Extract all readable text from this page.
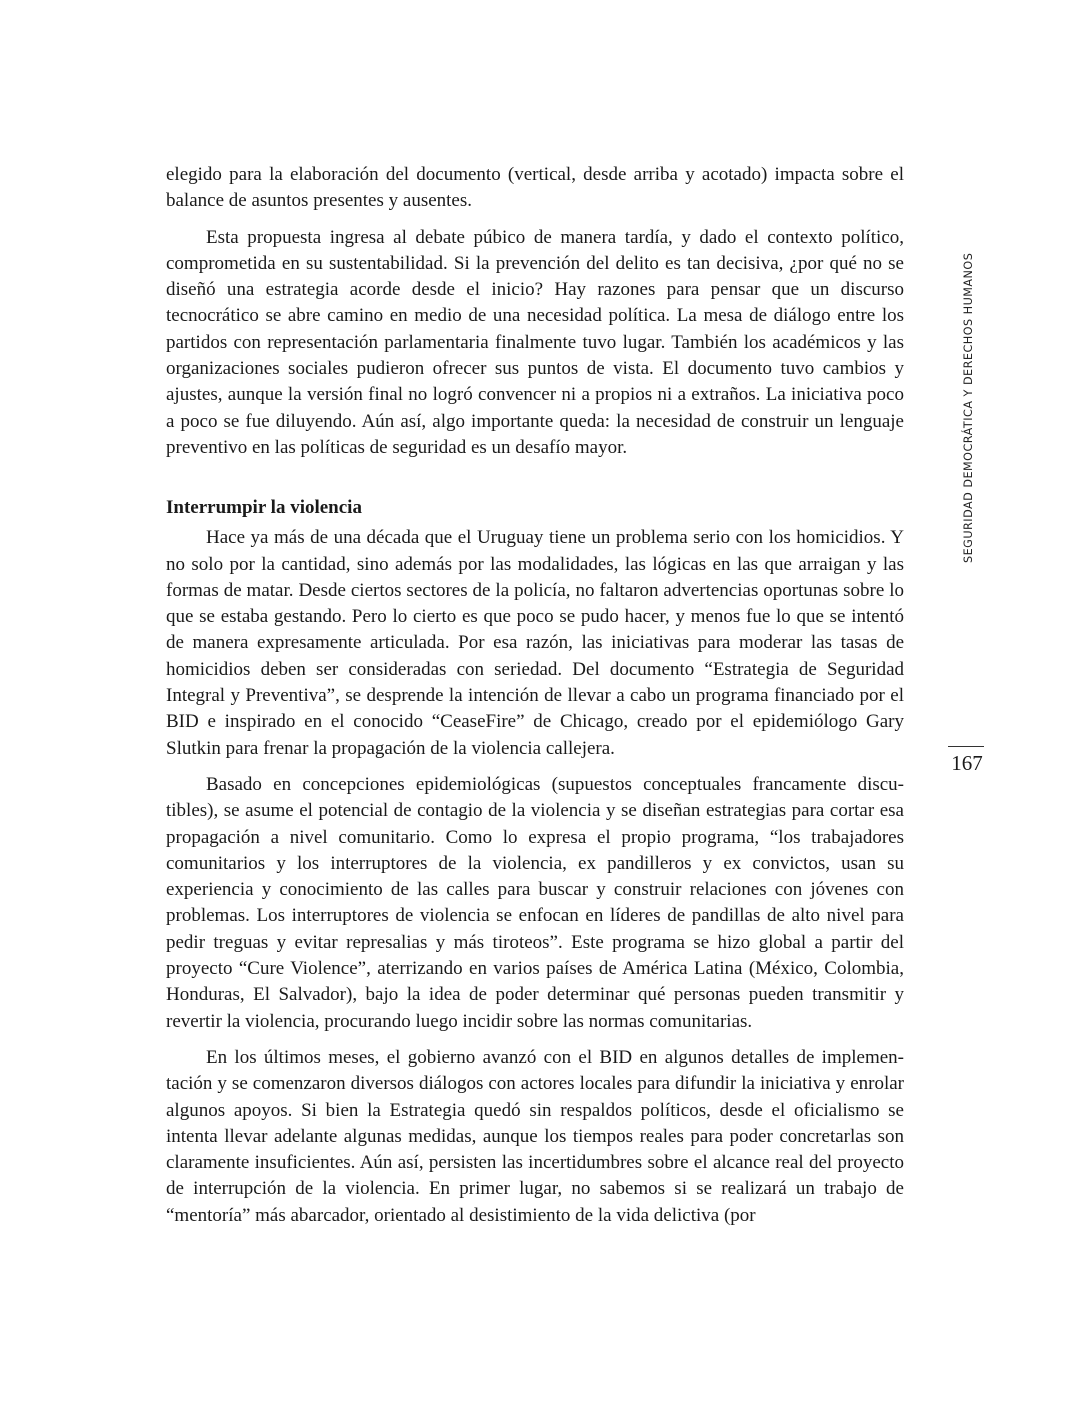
elegido para la elaboración del documento (vertical, desde arriba y acotado) impacta sobre el balance de asuntos presentes y ausentes.

Esta propuesta ingresa al debate púbico de manera tardía, y dado el contexto político, comprometida en su sustentabilidad. Si la prevención del delito es tan decisiva, ¿por qué no se diseñó una estrategia acorde desde el inicio? Hay razones para pensar que un discurso tecnocrático se abre camino en medio de una necesidad política. La mesa de diálogo entre los partidos con representación parlamentaria finalmente tuvo lugar. También los académicos y las organizaciones sociales pudieron ofrecer sus puntos de vista. El documento tuvo cambios y ajustes, aunque la versión final no logró convencer ni a propios ni a extraños. La iniciativa poco a poco se fue diluyendo. Aún así, algo importante queda: la necesidad de construir un lenguaje preventivo en las políticas de seguridad es un desafío mayor.

Interrumpir la violencia

Hace ya más de una década que el Uruguay tiene un problema serio con los homicidios. Y no solo por la cantidad, sino además por las modalidades, las lógicas en las que arraigan y las formas de matar. Desde ciertos sectores de la policía, no faltaron advertencias oportunas sobre lo que se estaba gestando. Pero lo cierto es que poco se pudo hacer, y menos fue lo que se intentó de manera expresamente articulada. Por esa razón, las iniciativas para moderar las tasas de homicidios deben ser consideradas con seriedad. Del documento “Estrategia de Seguridad Integral y Preventiva”, se desprende la intención de llevar a cabo un programa financiado por el BID e inspirado en el conocido “CeaseFire” de Chicago, creado por el epidemiólogo Gary Slutkin para frenar la propagación de la violencia callejera.

Basado en concepciones epidemiológicas (supuestos conceptuales francamente discutibles), se asume el potencial de contagio de la violencia y se diseñan estrategias para cortar esa propagación a nivel comunitario. Como lo expresa el propio programa, “los trabajadores comunitarios y los interruptores de la violencia, ex pandilleros y ex convictos, usan su experiencia y conocimiento de las calles para buscar y construir relaciones con jóvenes con problemas. Los interruptores de violencia se enfocan en líderes de pandillas de alto nivel para pedir treguas y evitar represalias y más tiroteos”. Este programa se hizo global a partir del proyecto “Cure Violence”, aterrizando en varios países de América Latina (México, Colombia, Honduras, El Salvador), bajo la idea de poder determinar qué personas pueden transmitir y revertir la violencia, procurando luego incidir sobre las normas comunitarias.

En los últimos meses, el gobierno avanzó con el BID en algunos detalles de implementación y se comenzaron diversos diálogos con actores locales para difundir la iniciativa y enrolar algunos apoyos. Si bien la Estrategia quedó sin respaldos políticos, desde el oficialismo se intenta llevar adelante algunas medidas, aunque los tiempos reales para poder concretarlas son claramente insuficientes. Aún así, persisten las incertidumbres sobre el alcance real del proyecto de interrupción de la violencia. En primer lugar, no sabemos si se realizará un trabajo de “mentoría” más abarcador, orientado al desistimiento de la vida delictiva (por

SEGURIDAD DEMOCRÁTICA Y DERECHOS HUMANOS
167
